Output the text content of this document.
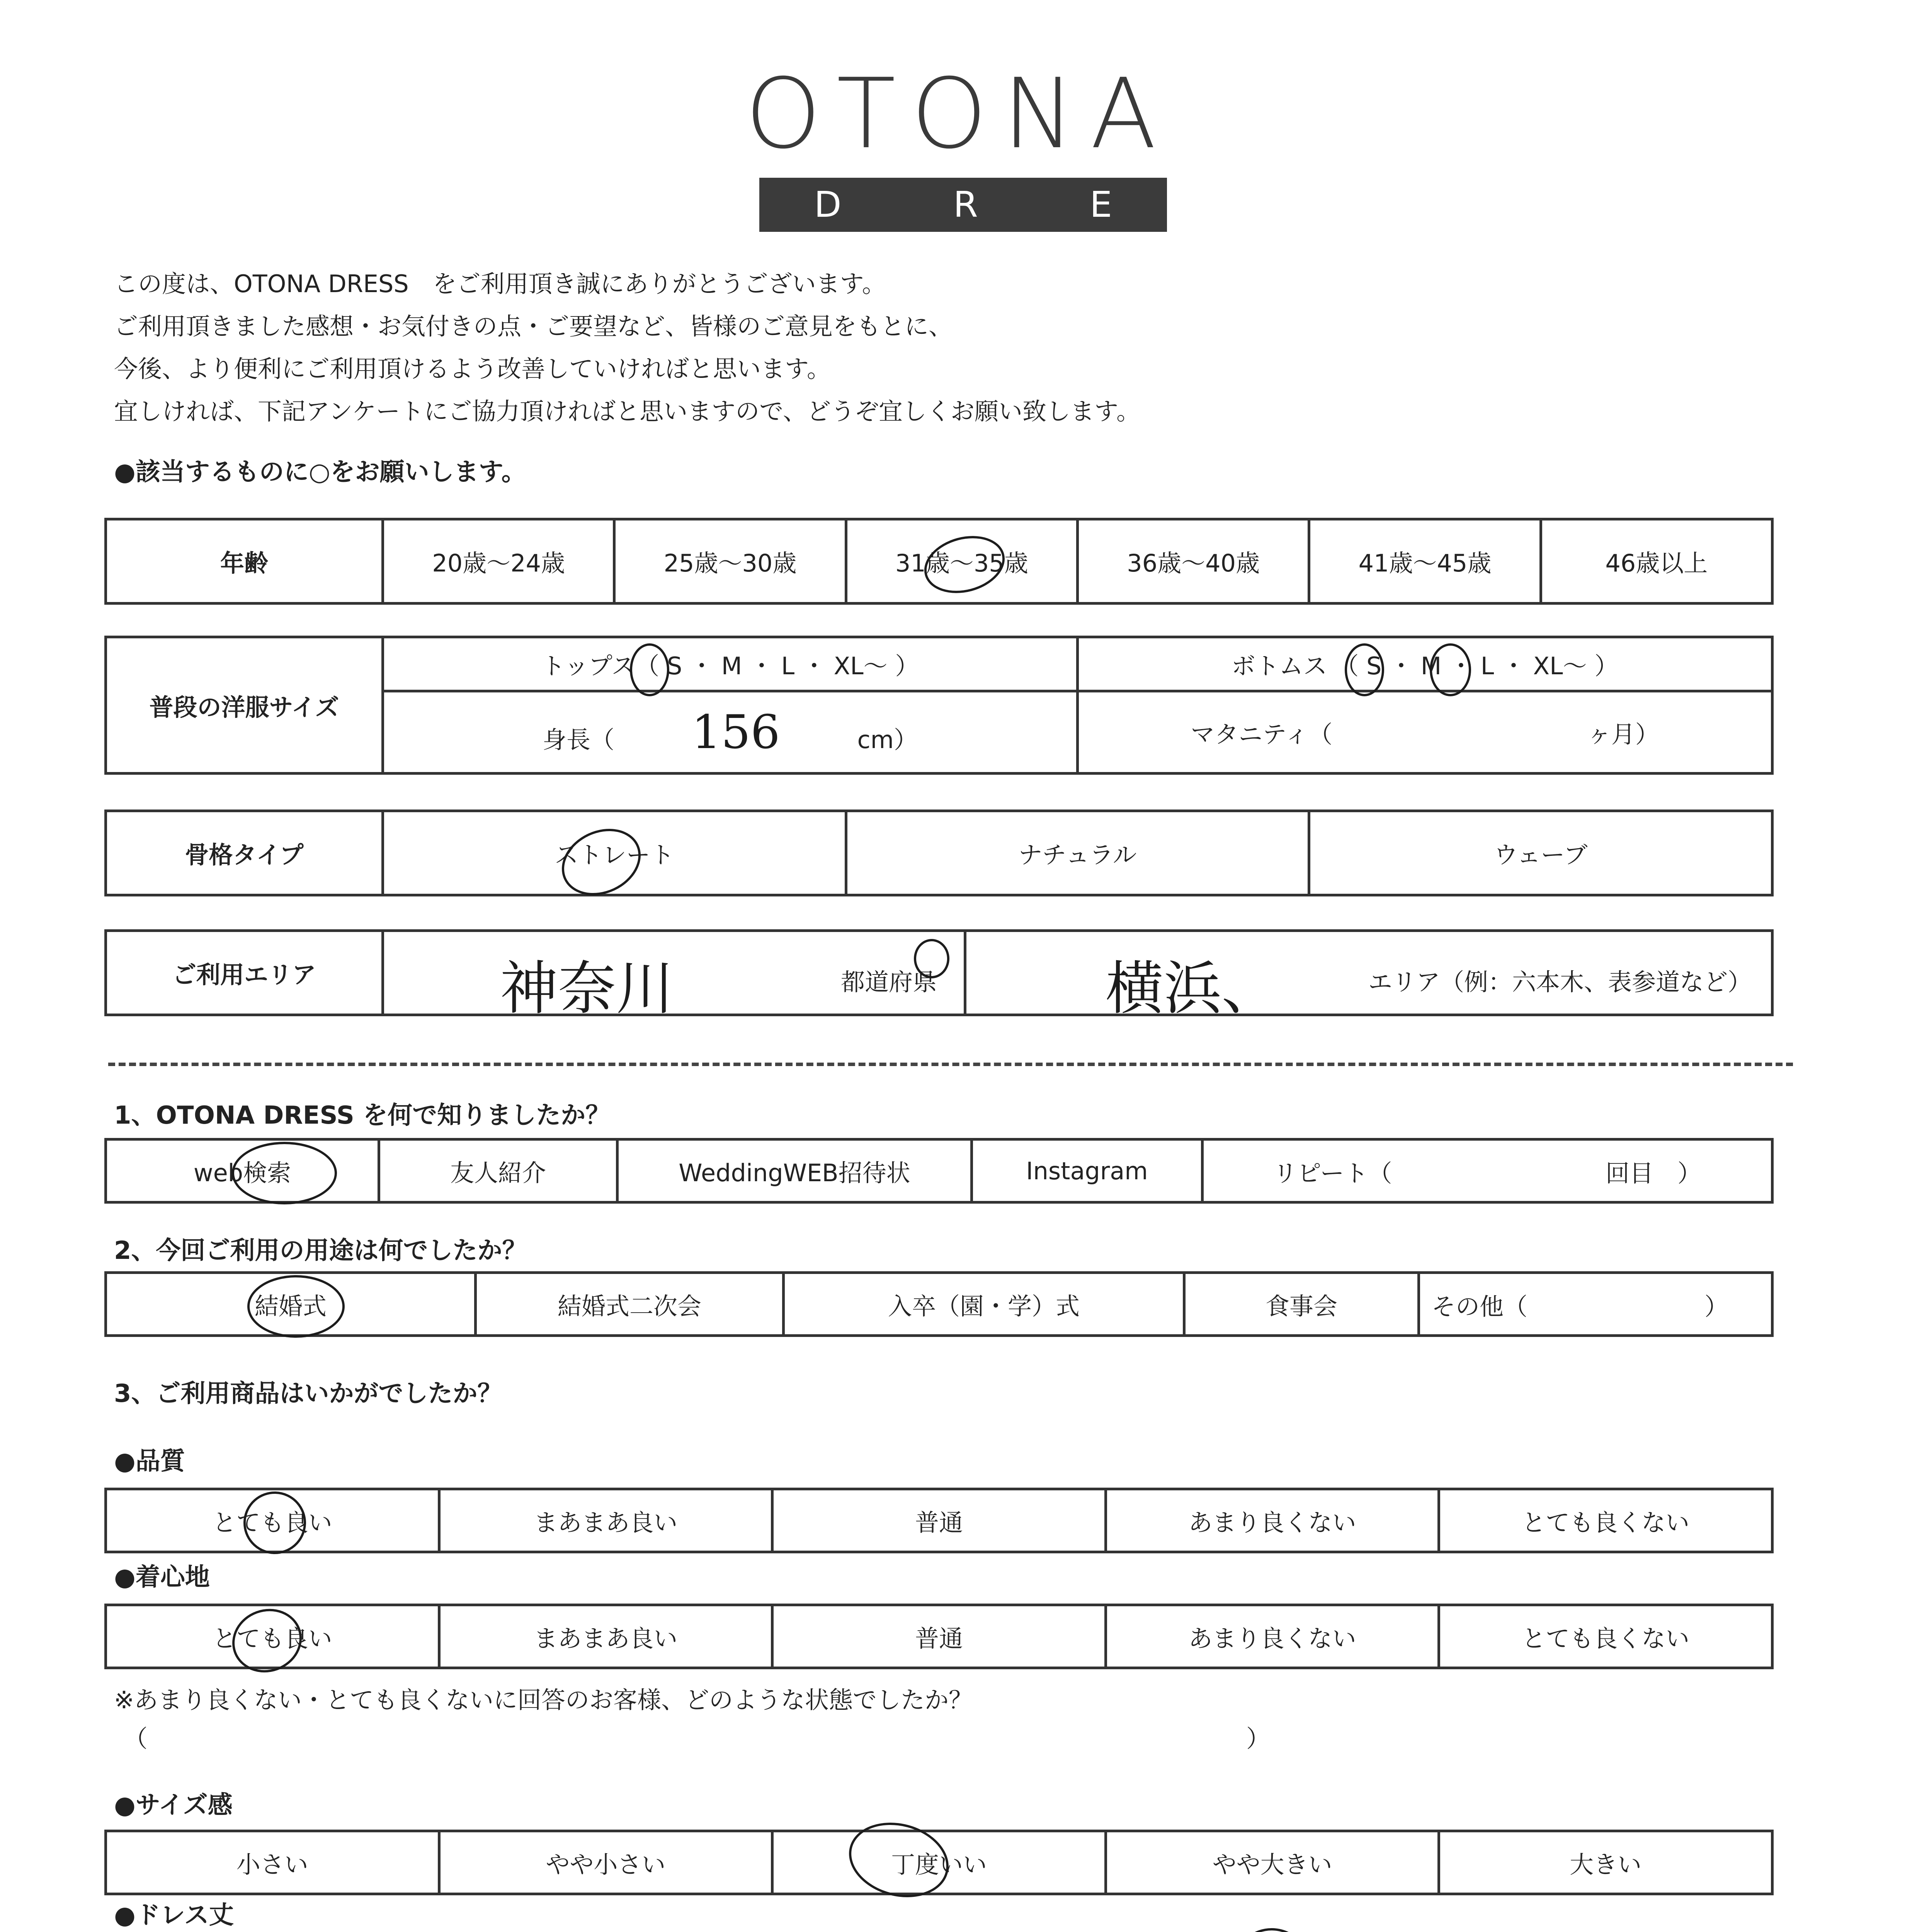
OTONA
D R E S S

この度は、OTONA DRESS　をご利用頂き誠にありがとうございます。

ご利用頂きました感想・お気付きの点・ご要望など、皆様のご意見をもとに、

今後、より便利にご利用頂けるよう改善していければと思います。

宜しければ、下記アンケートにご協力頂ければと思いますので、どうぞ宜しくお願い致します。

●該当するものに○をお願いします。
年齢	20歳〜24歳	25歳〜30歳	31歳〜35歳	36歳〜40歳	41歳〜45歳	46歳以上
普段の洋服サイズ	トップス（ S ・ M ・ L ・ XL〜 ）	ボトムス （ S ・ M ・ L ・ XL〜 ）
	身長（ 156 cm）	マタニティ（ ヶ月）
骨格タイプ	ストレート	ナチュラル	ウェーブ
ご利用エリア	神奈川	都道府県	横浜、	エリア（例：六本木、表参道など）
1、OTONA DRESS を何で知りましたか？
web検索	友人紹介	WeddingWEB招待状	Instagram	リピート（	回目　）
2、今回ご利用の用途は何でしたか？
結婚式	結婚式二次会	入卒（園・学）式	食事会	その他（	）
3、ご利用商品はいかがでしたか？
●品質
とても良い	まあまあ良い	普通	あまり良くない	とても良くない
●着心地
とても良い	まあまあ良い	普通	あまり良くない	とても良くない
※あまり良くない・とても良くないに回答のお客様、どのような状態でしたか？
（	）
●サイズ感
小さい	やや小さい	丁度いい	やや大きい	大きい
●ドレス丈
